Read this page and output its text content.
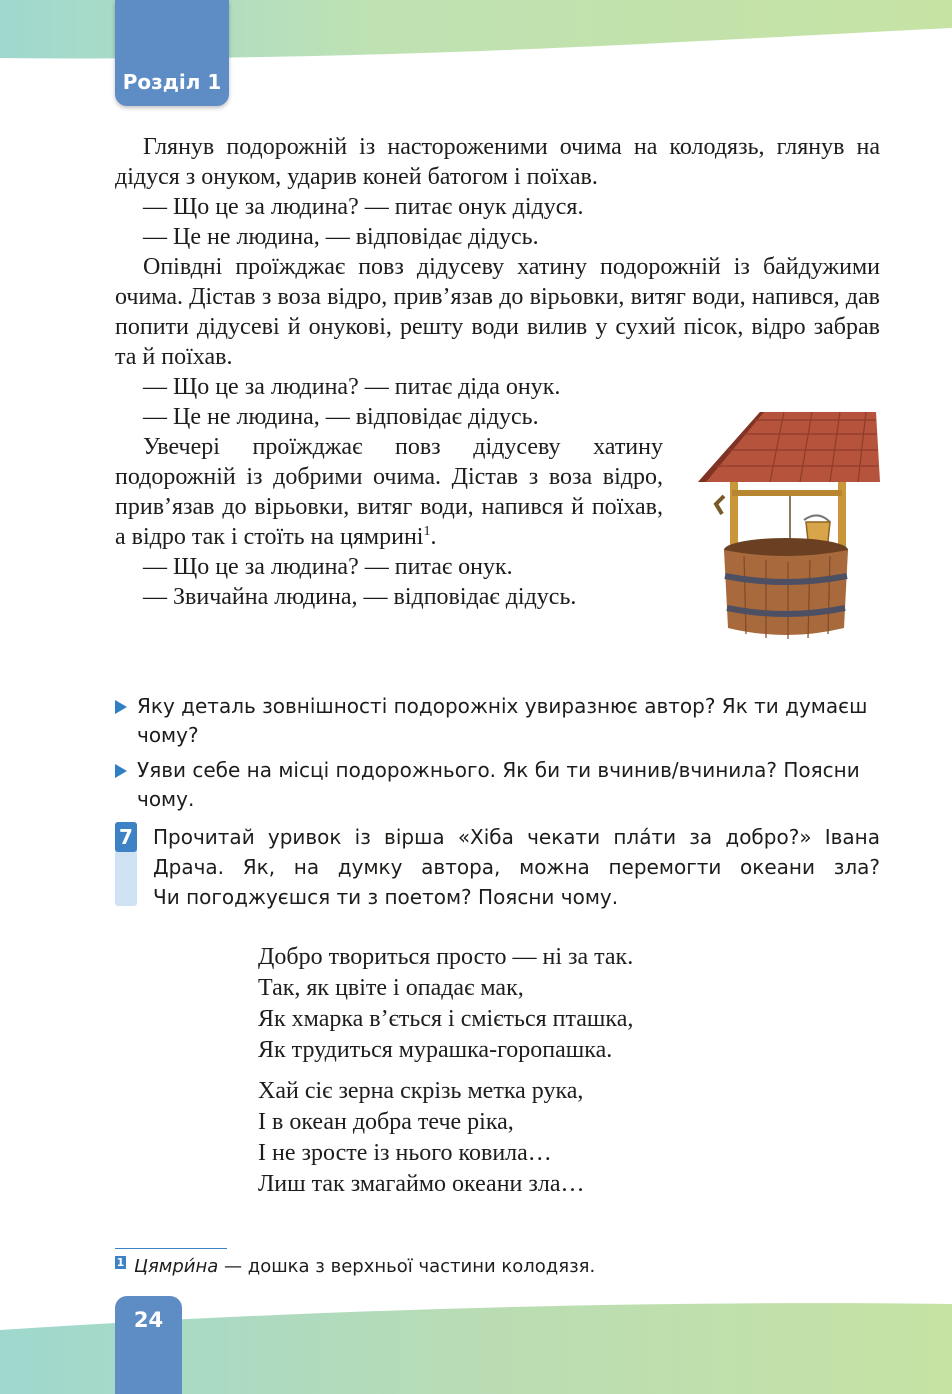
Розділ 1

Глянув подорожній із настороженими очима на колодязь, глянув на дідуся з онуком, ударив коней батогом і поїхав.

— Що це за людина? — питає онук дідуся.

— Це не людина, — відповідає дідусь.

Опівдні проїжджає повз дідусеву хатину подорожній із байдужими очима. Дістав з воза відро, прив’язав до вірьовки, витяг води, напився, дав попити дідусеві й онукові, решту води вилив у сухий пісок, відро забрав та й поїхав.

— Що це за людина? — питає діда онук.

— Це не людина, — відповідає дідусь.

Увечері проїжджає повз дідусеву хатину подорожній із добрими очима. Дістав з воза відро, прив’язав до вірьовки, витяг води, напився й поїхав, а відро так і стоїть на цямрині$^1$.

— Що це за людина? — питає онук.

— Звичайна людина, — відповідає дідусь.

Яку деталь зовнішності подорожніх увиразнює автор? Як ти думаєш чому?
Уяви себе на місці подорожнього. Як би ти вчинив/вчинила? Поясни чому.
7 Прочитай уривок із вірша «Хіба чекати пла́ти за добро?» Івана
Драча. Як, на думку автора, можна перемогти океани зла?
Чи погоджуєшся ти з поетом? Поясни чому.
Добро твориться просто — ні за так.
Так, як цвіте і опадає мак,
Як хмарка в’ється і сміється пташка,
Як трудиться мурашка-горопашка.
Хай сіє зерна скрізь метка рука,
І в океан добра тече ріка,
І не зросте із нього ковила…
Лиш так змагаймо океани зла…
1 Цямри́на — дошка з верхньої частини колодязя.
24
